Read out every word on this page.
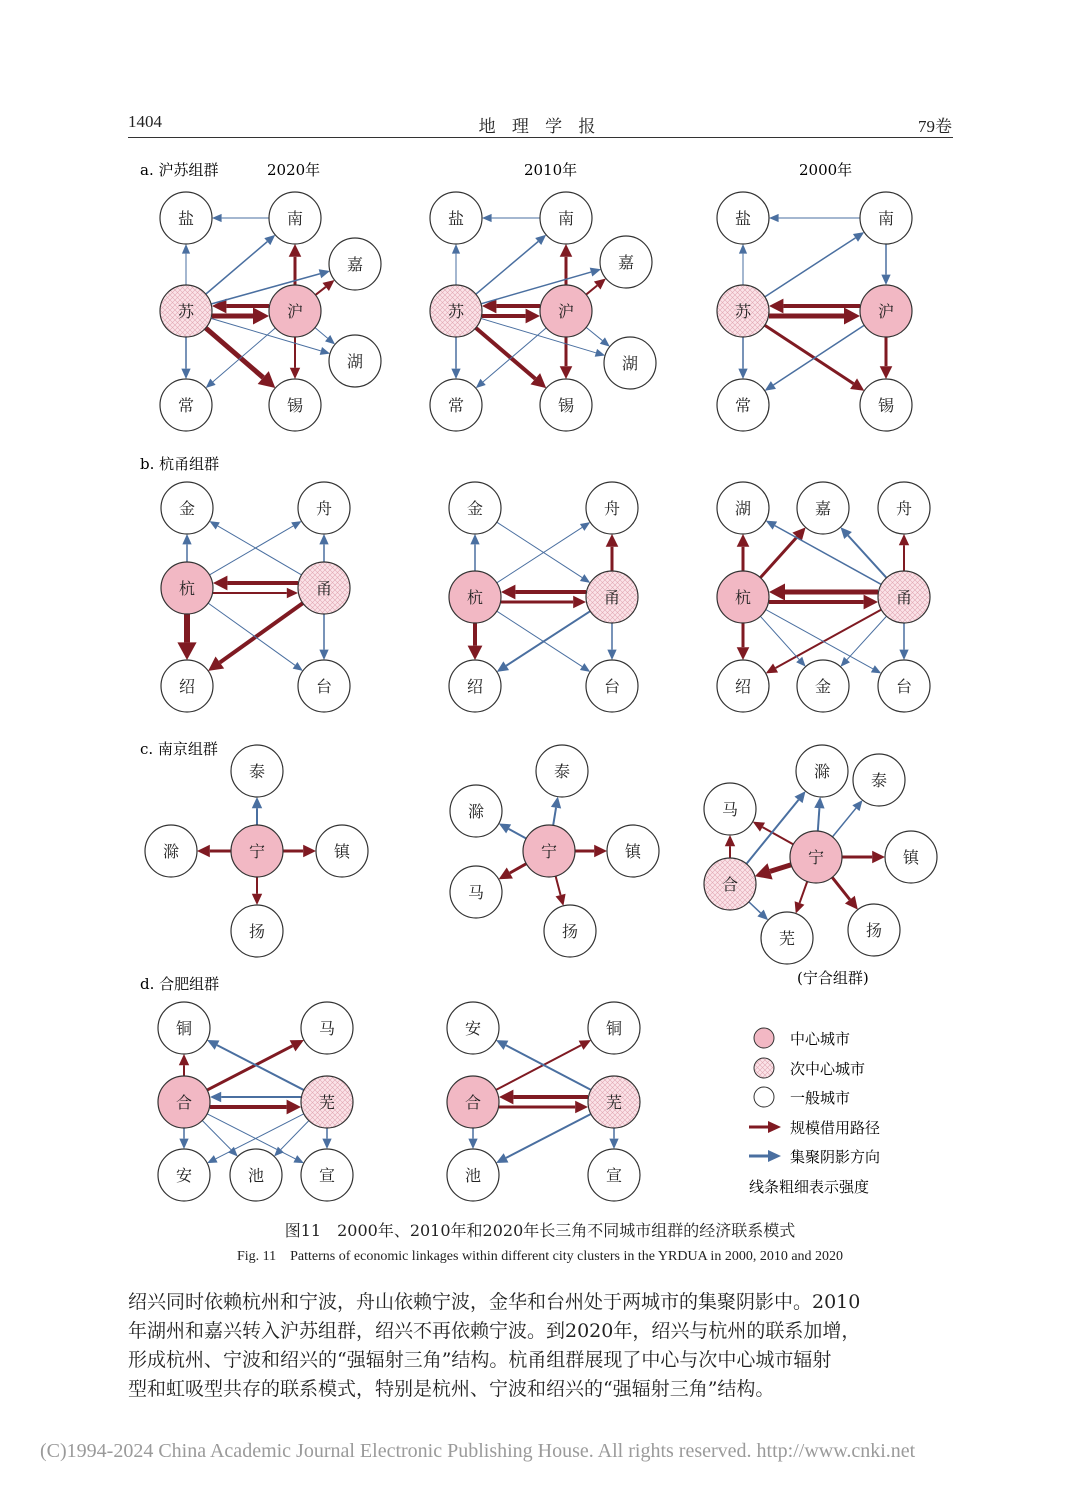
1404	地 理 学 报	79卷
a. 沪苏组群	2020年	2010年	2000年
b. 杭甬组群
c. 南京组群
(宁合组群)
d. 合肥组群
盐	南
嘉
苏	沪
湖
常	锡
盐	南
嘉
苏	沪
湖
常	锡
盐	南
苏	沪
常	锡
金	舟
杭	甬
绍	台
金	舟
杭	甬
绍	台
湖	嘉	舟
杭	甬
绍	金	台
泰
滁	宁	镇
扬
泰
滁
宁	镇
马
扬
滁	泰
马
宁	镇
合
芜	扬
铜	马
合	芜
安	池	宣
安	铜
合	芜
池	宣
中心城市
次中心城市
一般城市
规模借用路径
集聚阴影方向
线条粗细表示强度
图11　2000年、2010年和2020年长三角不同城市组群的经济联系模式
Fig. 11　Patterns of economic linkages within different city clusters in the YRDUA in 2000, 2010 and 2020
绍兴同时依赖杭州和宁波，舟山依赖宁波，金华和台州处于两城市的集聚阴影中。2010
年湖州和嘉兴转入沪苏组群，绍兴不再依赖宁波。到2020年，绍兴与杭州的联系加增，
形成杭州、宁波和绍兴的“强辐射三角”结构。杭甬组群展现了中心与次中心城市辐射
型和虹吸型共存的联系模式，特别是杭州、宁波和绍兴的“强辐射三角”结构。
(C)1994-2024 China Academic Journal Electronic Publishing House. All rights reserved. http://www.cnki.net
